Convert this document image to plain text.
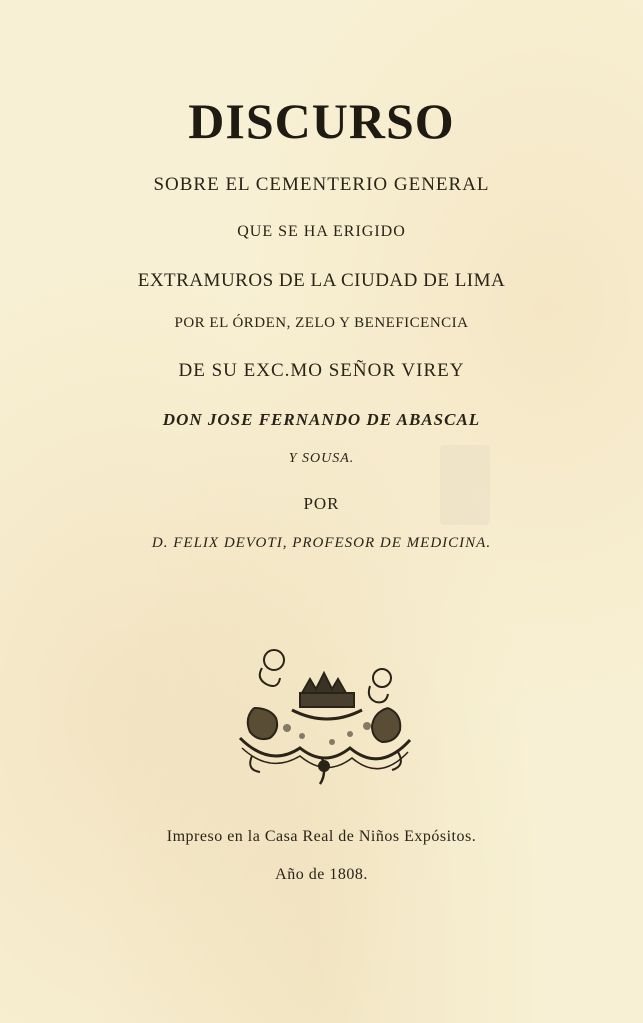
DISCURSO
SOBRE EL CEMENTERIO GENERAL
QUE SE HA ERIGIDO
EXTRAMUROS DE LA CIUDAD DE LIMA
POR EL ÓRDEN, ZELO Y BENEFICENCIA
DE SU EXC.MO SEÑOR VIREY
DON JOSE FERNANDO DE ABASCAL
Y SOUSA.
POR
D. FELIX DEVOTI, PROFESOR DE MEDICINA.
Impreso en la Casa Real de Niños Expósitos.
Año de 1808.
